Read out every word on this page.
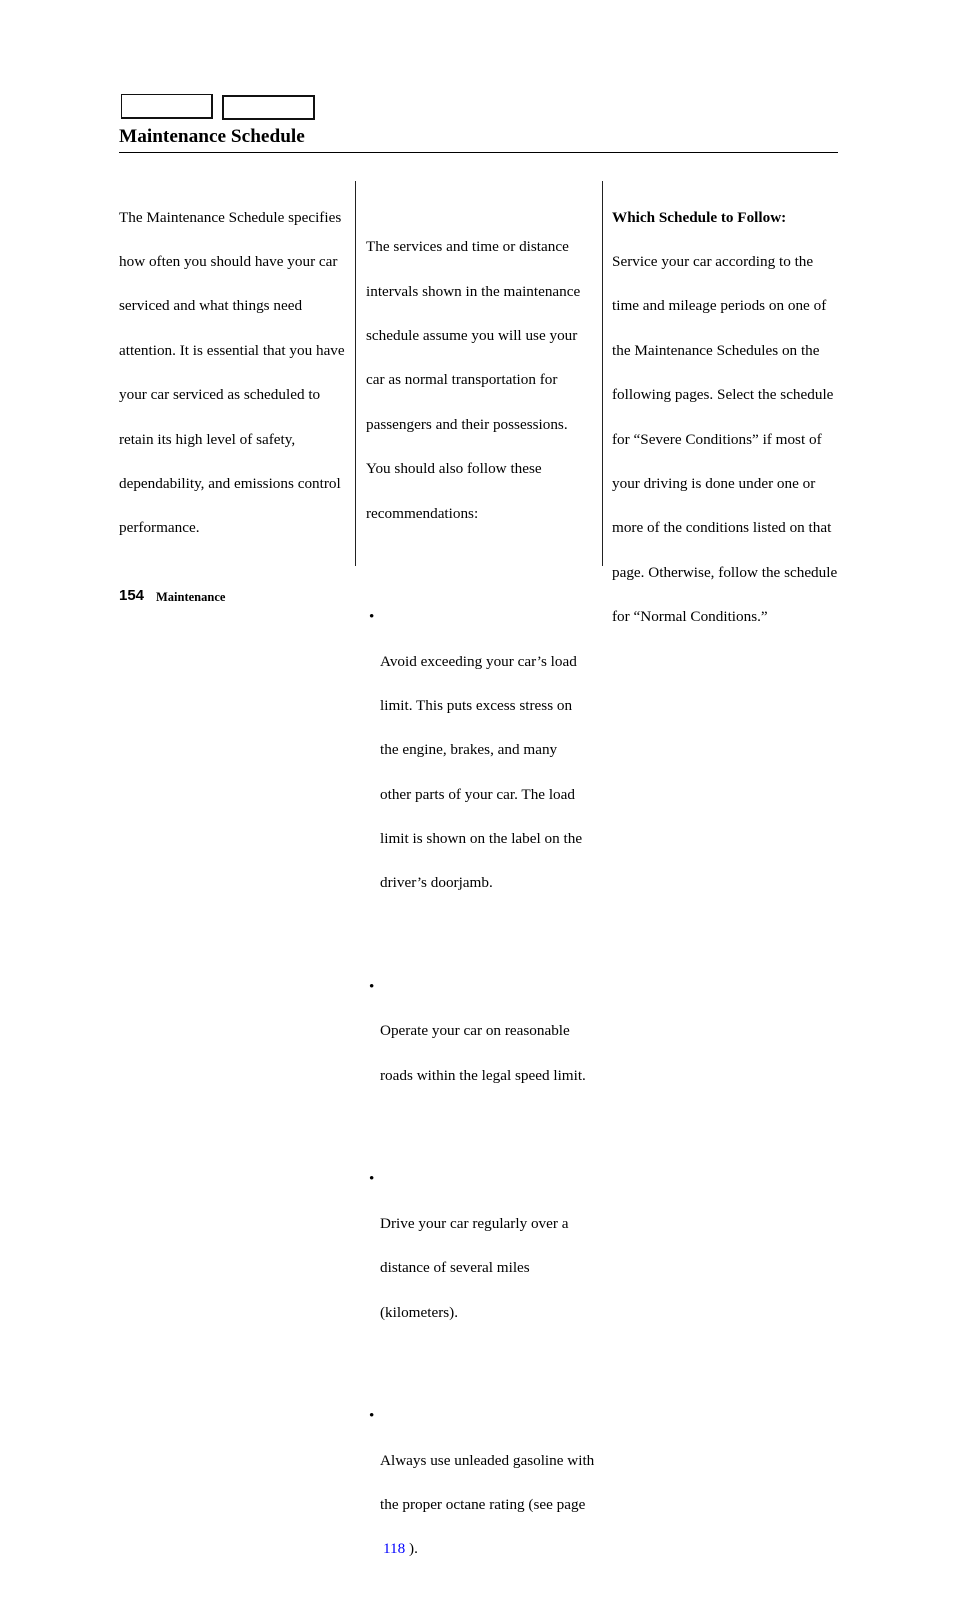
Maintenance Schedule

The Maintenance Schedule specifies

how often you should have your car

serviced and what things need

attention. It is essential that you have

your car serviced as scheduled to

retain its high level of safety,

dependability, and emissions control

performance.

The services and time or distance

intervals shown in the maintenance

schedule assume you will use your

car as normal transportation for

passengers and their possessions.

You should also follow these

recommendations:

•

Avoid exceeding your car’s load

limit. This puts excess stress on

the engine, brakes, and many

other parts of your car. The load

limit is shown on the label on the

driver’s doorjamb.

•

Operate your car on reasonable

roads within the legal speed limit.

•

Drive your car regularly over a

distance of several miles

(kilometers).

•

Always use unleaded gasoline with

the proper octane rating (see page

118 ).

Which Schedule to Follow:

Service your car according to the

time and mileage periods on one of

the Maintenance Schedules on the

following pages. Select the schedule

for “Severe Conditions” if most of

your driving is done under one or

more of the conditions listed on that

page. Otherwise, follow the schedule

for “Normal Conditions.”

154 Maintenance
